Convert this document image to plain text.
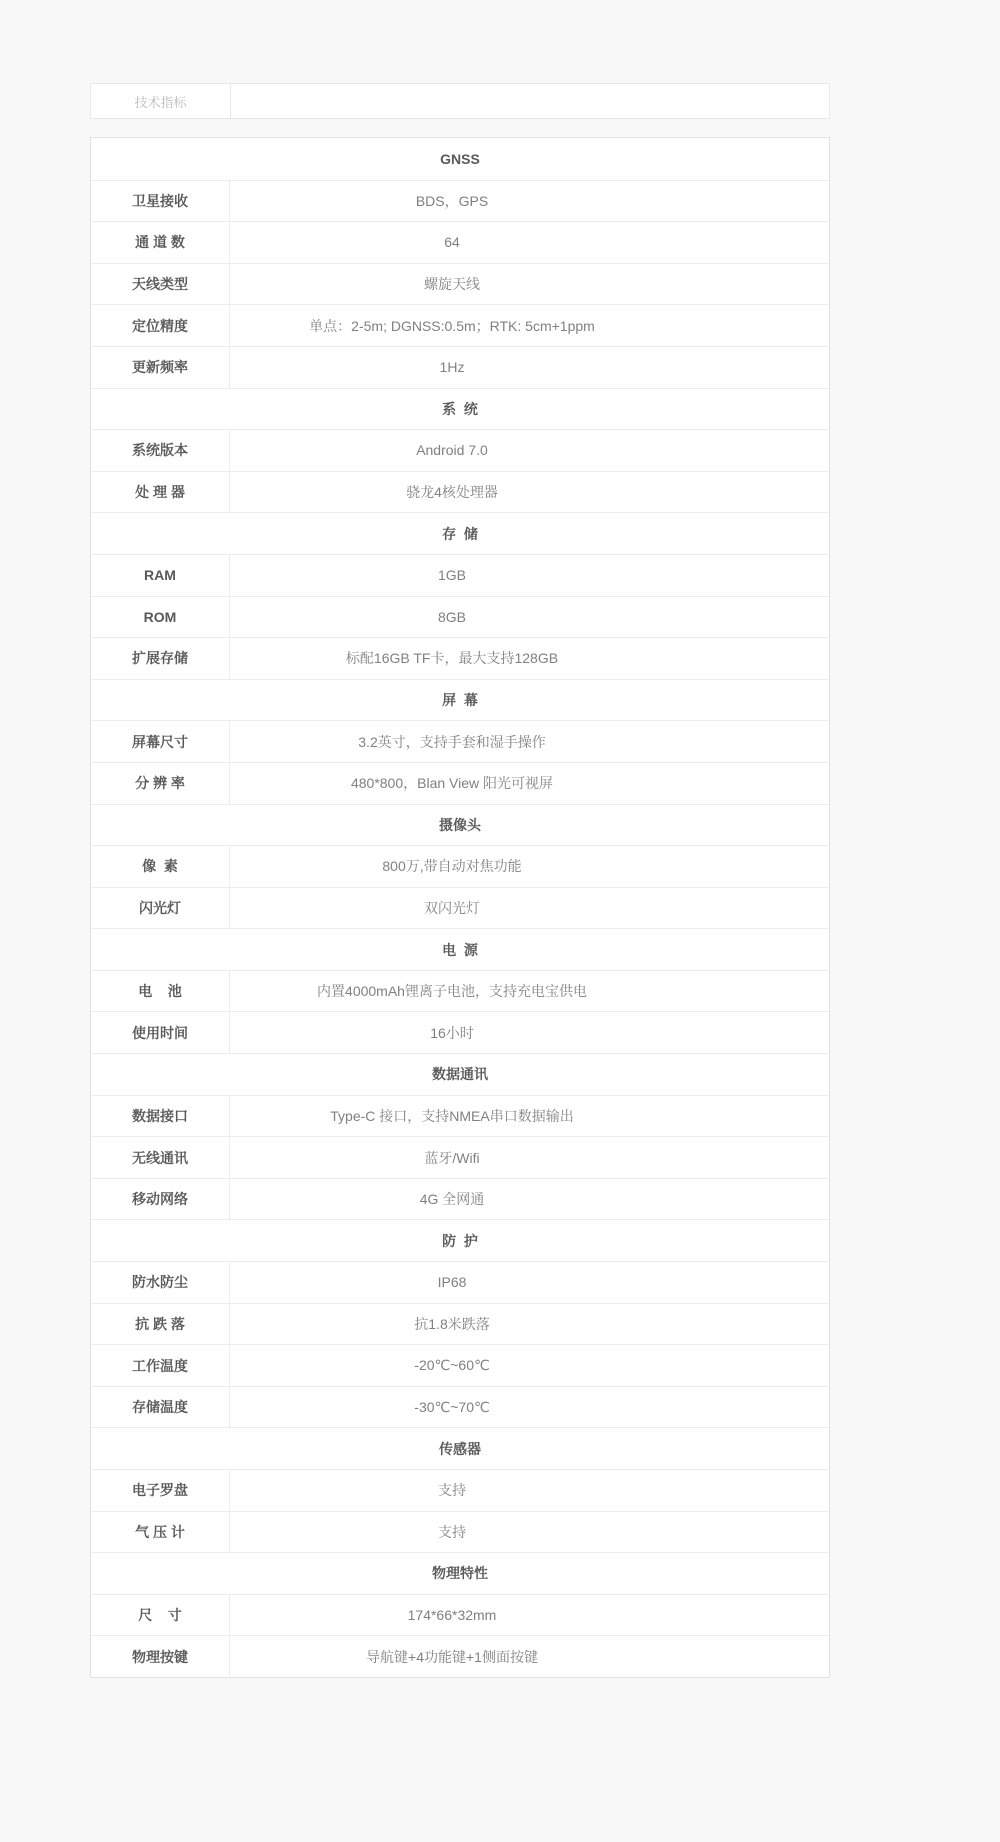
技术指标
GNSS
卫星接收	BDS，GPS
通 道 数	64
天线类型	螺旋天线
定位精度	单点：2-5m; DGNSS:0.5m；RTK: 5cm+1ppm
更新频率	1Hz
系  统
系统版本	Android 7.0
处 理 器	骁龙4核处理器
存  储
RAM	1GB
ROM	8GB
扩展存储	标配16GB TF卡，最大支持128GB
屏  幕
屏幕尺寸	3.2英寸，支持手套和湿手操作
分 辨 率	480*800，Blan View 阳光可视屏
摄像头
像  素	800万,带自动对焦功能
闪光灯	双闪光灯
电  源
电    池	内置4000mAh锂离子电池，支持充电宝供电
使用时间	16小时
数据通讯
数据接口	Type-C 接口，支持NMEA串口数据输出
无线通讯	蓝牙/Wifi
移动网络	4G 全网通
防  护
防水防尘	IP68
抗 跌 落	抗1.8米跌落
工作温度	-20℃~60℃
存储温度	-30℃~70℃
传感器
电子罗盘	支持
气 压 计	支持
物理特性
尺    寸	174*66*32mm
物理按键	导航键+4功能键+1侧面按键
